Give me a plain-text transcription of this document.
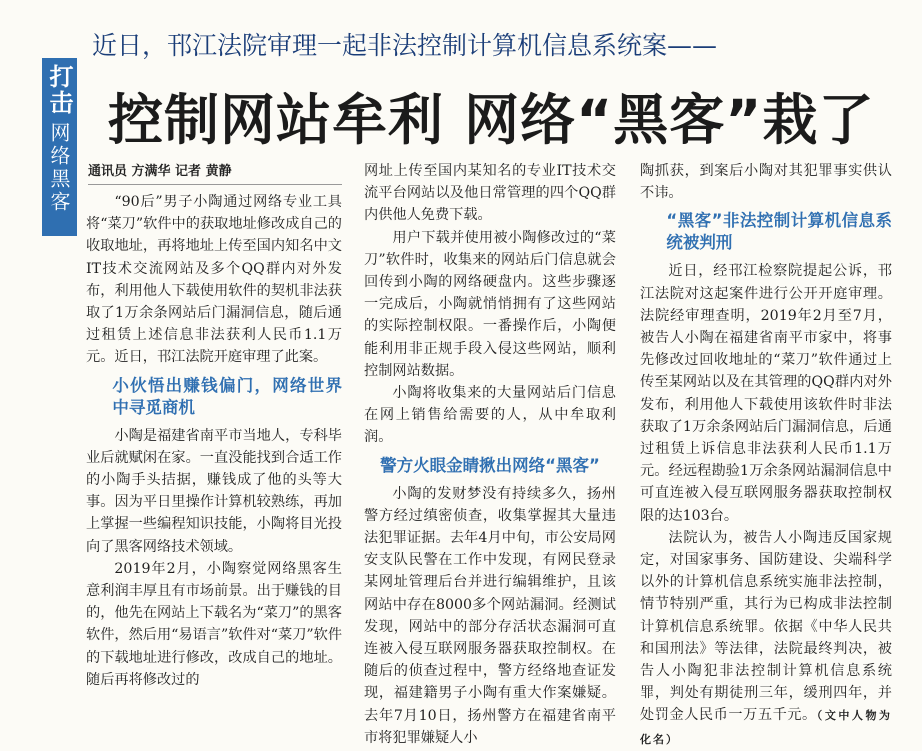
打击
网络黑客
近日，邗江法院审理一起非法控制计算机信息系统案——
控制网站牟利 网络“黑客”栽了
通讯员 方满华 记者 黄静

“90后”男子小陶通过网络专业工具将“菜刀”软件中的获取地址修改成自己的收取地址，再将地址上传至国内知名中文IT技术交流网站及多个QQ群内对外发布，利用他人下载使用软件的契机非法获取了1万余条网站后门漏洞信息，随后通过租赁上述信息非法获利人民币1.1万元。近日，邗江法院开庭审理了此案。

小伙悟出赚钱偏门，网络世界中寻觅商机

小陶是福建省南平市当地人，专科毕业后就赋闲在家。一直没能找到合适工作的小陶手头拮据，赚钱成了他的头等大事。因为平日里操作计算机较熟练，再加上掌握一些编程知识技能，小陶将目光投向了黑客网络技术领域。

2019年2月，小陶察觉网络黑客生意利润丰厚且有市场前景。出于赚钱的目的，他先在网站上下载名为“菜刀”的黑客软件，然后用“易语言”软件对“菜刀”软件的下载地址进行修改，改成自己的地址。随后再将修改过的

网址上传至国内某知名的专业IT技术交流平台网站以及他日常管理的四个QQ群内供他人免费下载。

用户下载并使用被小陶修改过的“菜刀”软件时，收集来的网站后门信息就会回传到小陶的网络硬盘内。这些步骤逐一完成后，小陶就悄悄拥有了这些网站的实际控制权限。一番操作后，小陶便能利用非正规手段入侵这些网站，顺利控制网站数据。

小陶将收集来的大量网站后门信息在网上销售给需要的人，从中牟取利润。

警方火眼金睛揪出网络“黑客”

小陶的发财梦没有持续多久，扬州警方经过缜密侦查，收集掌握其大量违法犯罪证据。去年4月中旬，市公安局网安支队民警在工作中发现，有网民登录某网址管理后台并进行编辑维护，且该网站中存在8000多个网站漏洞。经测试发现，网站中的部分存活状态漏洞可直连被入侵互联网服务器获取控制权。在随后的侦查过程中，警方经络地查证发现，福建籍男子小陶有重大作案嫌疑。去年7月10日，扬州警方在福建省南平市将犯罪嫌疑人小

陶抓获，到案后小陶对其犯罪事实供认不讳。

“黑客”非法控制计算机信息系统被判刑

近日，经邗江检察院提起公诉，邗江法院对这起案件进行公开开庭审理。法院经审理查明，2019年2月至7月，被告人小陶在福建省南平市家中，将事先修改过回收地址的“菜刀”软件通过上传至某网站以及在其管理的QQ群内对外发布，利用他人下载使用该软件时非法获取了1万余条网站后门漏洞信息，后通过租赁上诉信息非法获利人民币1.1万元。经远程勘验1万余条网站漏洞信息中可直连被入侵互联网服务器获取控制权限的达103台。

法院认为，被告人小陶违反国家规定，对国家事务、国防建设、尖端科学以外的计算机信息系统实施非法控制，情节特别严重，其行为已构成非法控制计算机信息系统罪。依据《中华人民共和国刑法》等法律，法院最终判决，被告人小陶犯非法控制计算机信息系统罪，判处有期徒刑三年，缓刑四年，并处罚金人民币一万五千元。（文中人物为化名）
